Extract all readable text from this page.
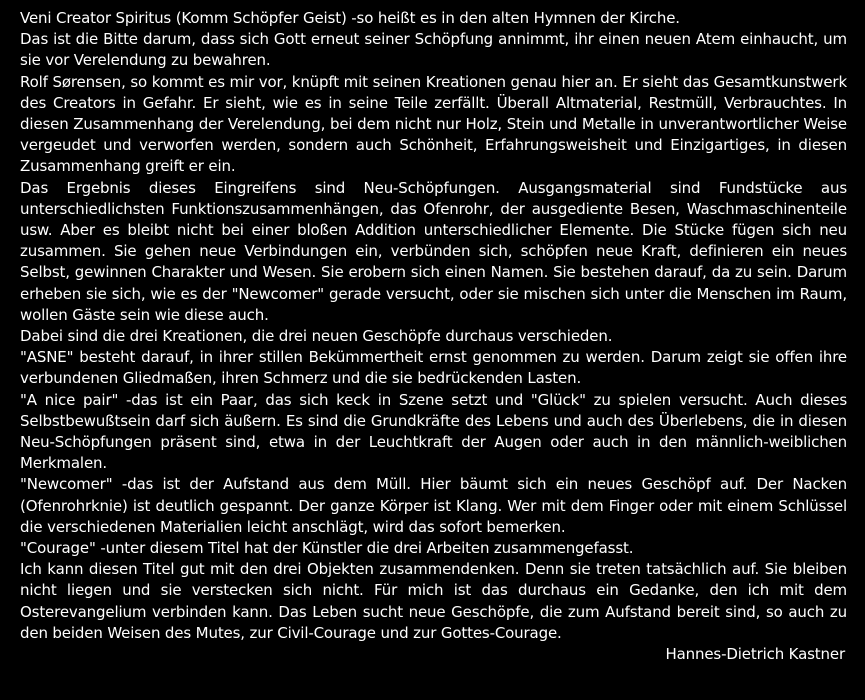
Veni Creator Spiritus (Komm Schöpfer Geist) -so heißt es in den alten Hymnen der Kirche.

Das ist die Bitte darum, dass sich Gott erneut seiner Schöpfung annimmt, ihr einen neuen Atem einhaucht, um sie vor Verelendung zu bewahren.

Rolf Sørensen, so kommt es mir vor, knüpft mit seinen Kreationen genau hier an. Er sieht das Gesamtkunstwerk des Creators in Gefahr. Er sieht, wie es in seine Teile zerfällt. Überall Altmaterial, Restmüll, Verbrauchtes. In diesen Zusammenhang der Verelendung, bei dem nicht nur Holz, Stein und Metalle in unverantwortlicher Weise vergeudet und verworfen werden, sondern auch Schönheit, Erfahrungsweisheit und Einzigartiges, in diesen Zusammenhang greift er ein.

Das Ergebnis dieses Eingreifens sind Neu-Schöpfungen. Ausgangsmaterial sind Fundstücke aus unterschiedlichsten Funktionszusammenhängen, das Ofenrohr, der ausgediente Besen, Waschmaschinenteile usw. Aber es bleibt nicht bei einer bloßen Addition unterschiedlicher Elemente. Die Stücke fügen sich neu zusammen. Sie gehen neue Verbindungen ein, verbünden sich, schöpfen neue Kraft, definieren ein neues Selbst, gewinnen Charakter und Wesen. Sie erobern sich einen Namen. Sie bestehen darauf, da zu sein. Darum erheben sie sich, wie es der "Newcomer" gerade versucht, oder sie mischen sich unter die Menschen im Raum, wollen Gäste sein wie diese auch.

Dabei sind die drei Kreationen, die drei neuen Geschöpfe durchaus verschieden.

"ASNE" besteht darauf, in ihrer stillen Bekümmertheit ernst genommen zu werden. Darum zeigt sie offen ihre verbundenen Gliedmaßen, ihren Schmerz und die sie bedrückenden Lasten.

"A nice pair" -das ist ein Paar, das sich keck in Szene setzt und "Glück" zu spielen versucht. Auch dieses Selbstbewußtsein darf sich äußern. Es sind die Grundkräfte des Lebens und auch des Überlebens, die in diesen Neu-Schöpfungen präsent sind, etwa in der Leuchtkraft der Augen oder auch in den männlich-weiblichen Merkmalen.

"Newcomer" -das ist der Aufstand aus dem Müll. Hier bäumt sich ein neues Geschöpf auf. Der Nacken (Ofenrohrknie) ist deutlich gespannt. Der ganze Körper ist Klang. Wer mit dem Finger oder mit einem Schlüssel die verschiedenen Materialien leicht anschlägt, wird das sofort bemerken.

"Courage" -unter diesem Titel hat der Künstler die drei Arbeiten zusammengefasst.

Ich kann diesen Titel gut mit den drei Objekten zusammendenken. Denn sie treten tatsächlich auf. Sie bleiben nicht liegen und sie verstecken sich nicht. Für mich ist das durchaus ein Gedanke, den ich mit dem Osterevangelium verbinden kann. Das Leben sucht neue Geschöpfe, die zum Aufstand bereit sind, so auch zu den beiden Weisen des Mutes, zur Civil-Courage und zur Gottes-Courage.

Hannes-Dietrich Kastner
